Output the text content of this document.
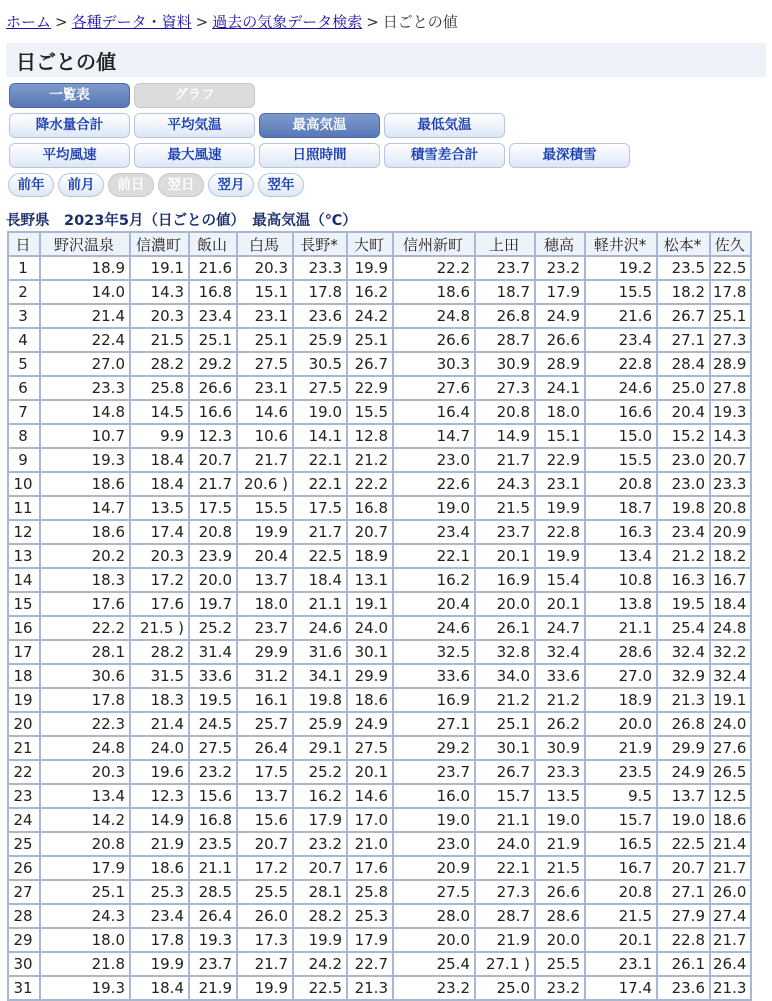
ホーム > 各種データ・資料 > 過去の気象データ検索 > 日ごとの値
日ごとの値
一覧表	グラフ
降水量合計	平均気温	最高気温	最低気温
平均風速	最大風速	日照時間	積雪差合計	最深積雪
前年	前月	前日	翌日	翌月	翌年
長野県　2023年5月（日ごとの値）　最高気温（℃）
日	野沢温泉	信濃町	飯山	白馬	長野*	大町	信州新町	上田	穂高	軽井沢*	松本*	佐久
1	18.9	19.1	21.6	20.3	23.3	19.9	22.2	23.7	23.2	19.2	23.5	22.5
2	14.0	14.3	16.8	15.1	17.8	16.2	18.6	18.7	17.9	15.5	18.2	17.8
3	21.4	20.3	23.4	23.1	23.6	24.2	24.8	26.8	24.9	21.6	26.7	25.1
4	22.4	21.5	25.1	25.1	25.9	25.1	26.6	28.7	26.6	23.4	27.1	27.3
5	27.0	28.2	29.2	27.5	30.5	26.7	30.3	30.9	28.9	22.8	28.4	28.9
6	23.3	25.8	26.6	23.1	27.5	22.9	27.6	27.3	24.1	24.6	25.0	27.8
7	14.8	14.5	16.6	14.6	19.0	15.5	16.4	20.8	18.0	16.6	20.4	19.3
8	10.7	9.9	12.3	10.6	14.1	12.8	14.7	14.9	15.1	15.0	15.2	14.3
9	19.3	18.4	20.7	21.7	22.1	21.2	23.0	21.7	22.9	15.5	23.0	20.7
10	18.6	18.4	21.7	20.6 )	22.1	22.2	22.6	24.3	23.1	20.8	23.0	23.3
11	14.7	13.5	17.5	15.5	17.5	16.8	19.0	21.5	19.9	18.7	19.8	20.8
12	18.6	17.4	20.8	19.9	21.7	20.7	23.4	23.7	22.8	16.3	23.4	20.9
13	20.2	20.3	23.9	20.4	22.5	18.9	22.1	20.1	19.9	13.4	21.2	18.2
14	18.3	17.2	20.0	13.7	18.4	13.1	16.2	16.9	15.4	10.8	16.3	16.7
15	17.6	17.6	19.7	18.0	21.1	19.1	20.4	20.0	20.1	13.8	19.5	18.4
16	22.2	21.5 )	25.2	23.7	24.6	24.0	24.6	26.1	24.7	21.1	25.4	24.8
17	28.1	28.2	31.4	29.9	31.6	30.1	32.5	32.8	32.4	28.6	32.4	32.2
18	30.6	31.5	33.6	31.2	34.1	29.9	33.6	34.0	33.6	27.0	32.9	32.4
19	17.8	18.3	19.5	16.1	19.8	18.6	16.9	21.2	21.2	18.9	21.3	19.1
20	22.3	21.4	24.5	25.7	25.9	24.9	27.1	25.1	26.2	20.0	26.8	24.0
21	24.8	24.0	27.5	26.4	29.1	27.5	29.2	30.1	30.9	21.9	29.9	27.6
22	20.3	19.6	23.2	17.5	25.2	20.1	23.7	26.7	23.3	23.5	24.9	26.5
23	13.4	12.3	15.6	13.7	16.2	14.6	16.0	15.7	13.5	9.5	13.7	12.5
24	14.2	14.9	16.8	15.6	17.9	17.0	19.0	21.1	19.0	15.7	19.0	18.6
25	20.8	21.9	23.5	20.7	23.2	21.0	23.0	24.0	21.9	16.5	22.5	21.4
26	17.9	18.6	21.1	17.2	20.7	17.6	20.9	22.1	21.5	16.7	20.7	21.7
27	25.1	25.3	28.5	25.5	28.1	25.8	27.5	27.3	26.6	20.8	27.1	26.0
28	24.3	23.4	26.4	26.0	28.2	25.3	28.0	28.7	28.6	21.5	27.9	27.4
29	18.0	17.8	19.3	17.3	19.9	17.9	20.0	21.9	20.0	20.1	22.8	21.7
30	21.8	19.9	23.7	21.7	24.2	22.7	25.4	27.1 )	25.5	23.1	26.1	26.4
31	19.3	18.4	21.9	19.9	22.5	21.3	23.2	25.0	23.2	17.4	23.6	21.3
